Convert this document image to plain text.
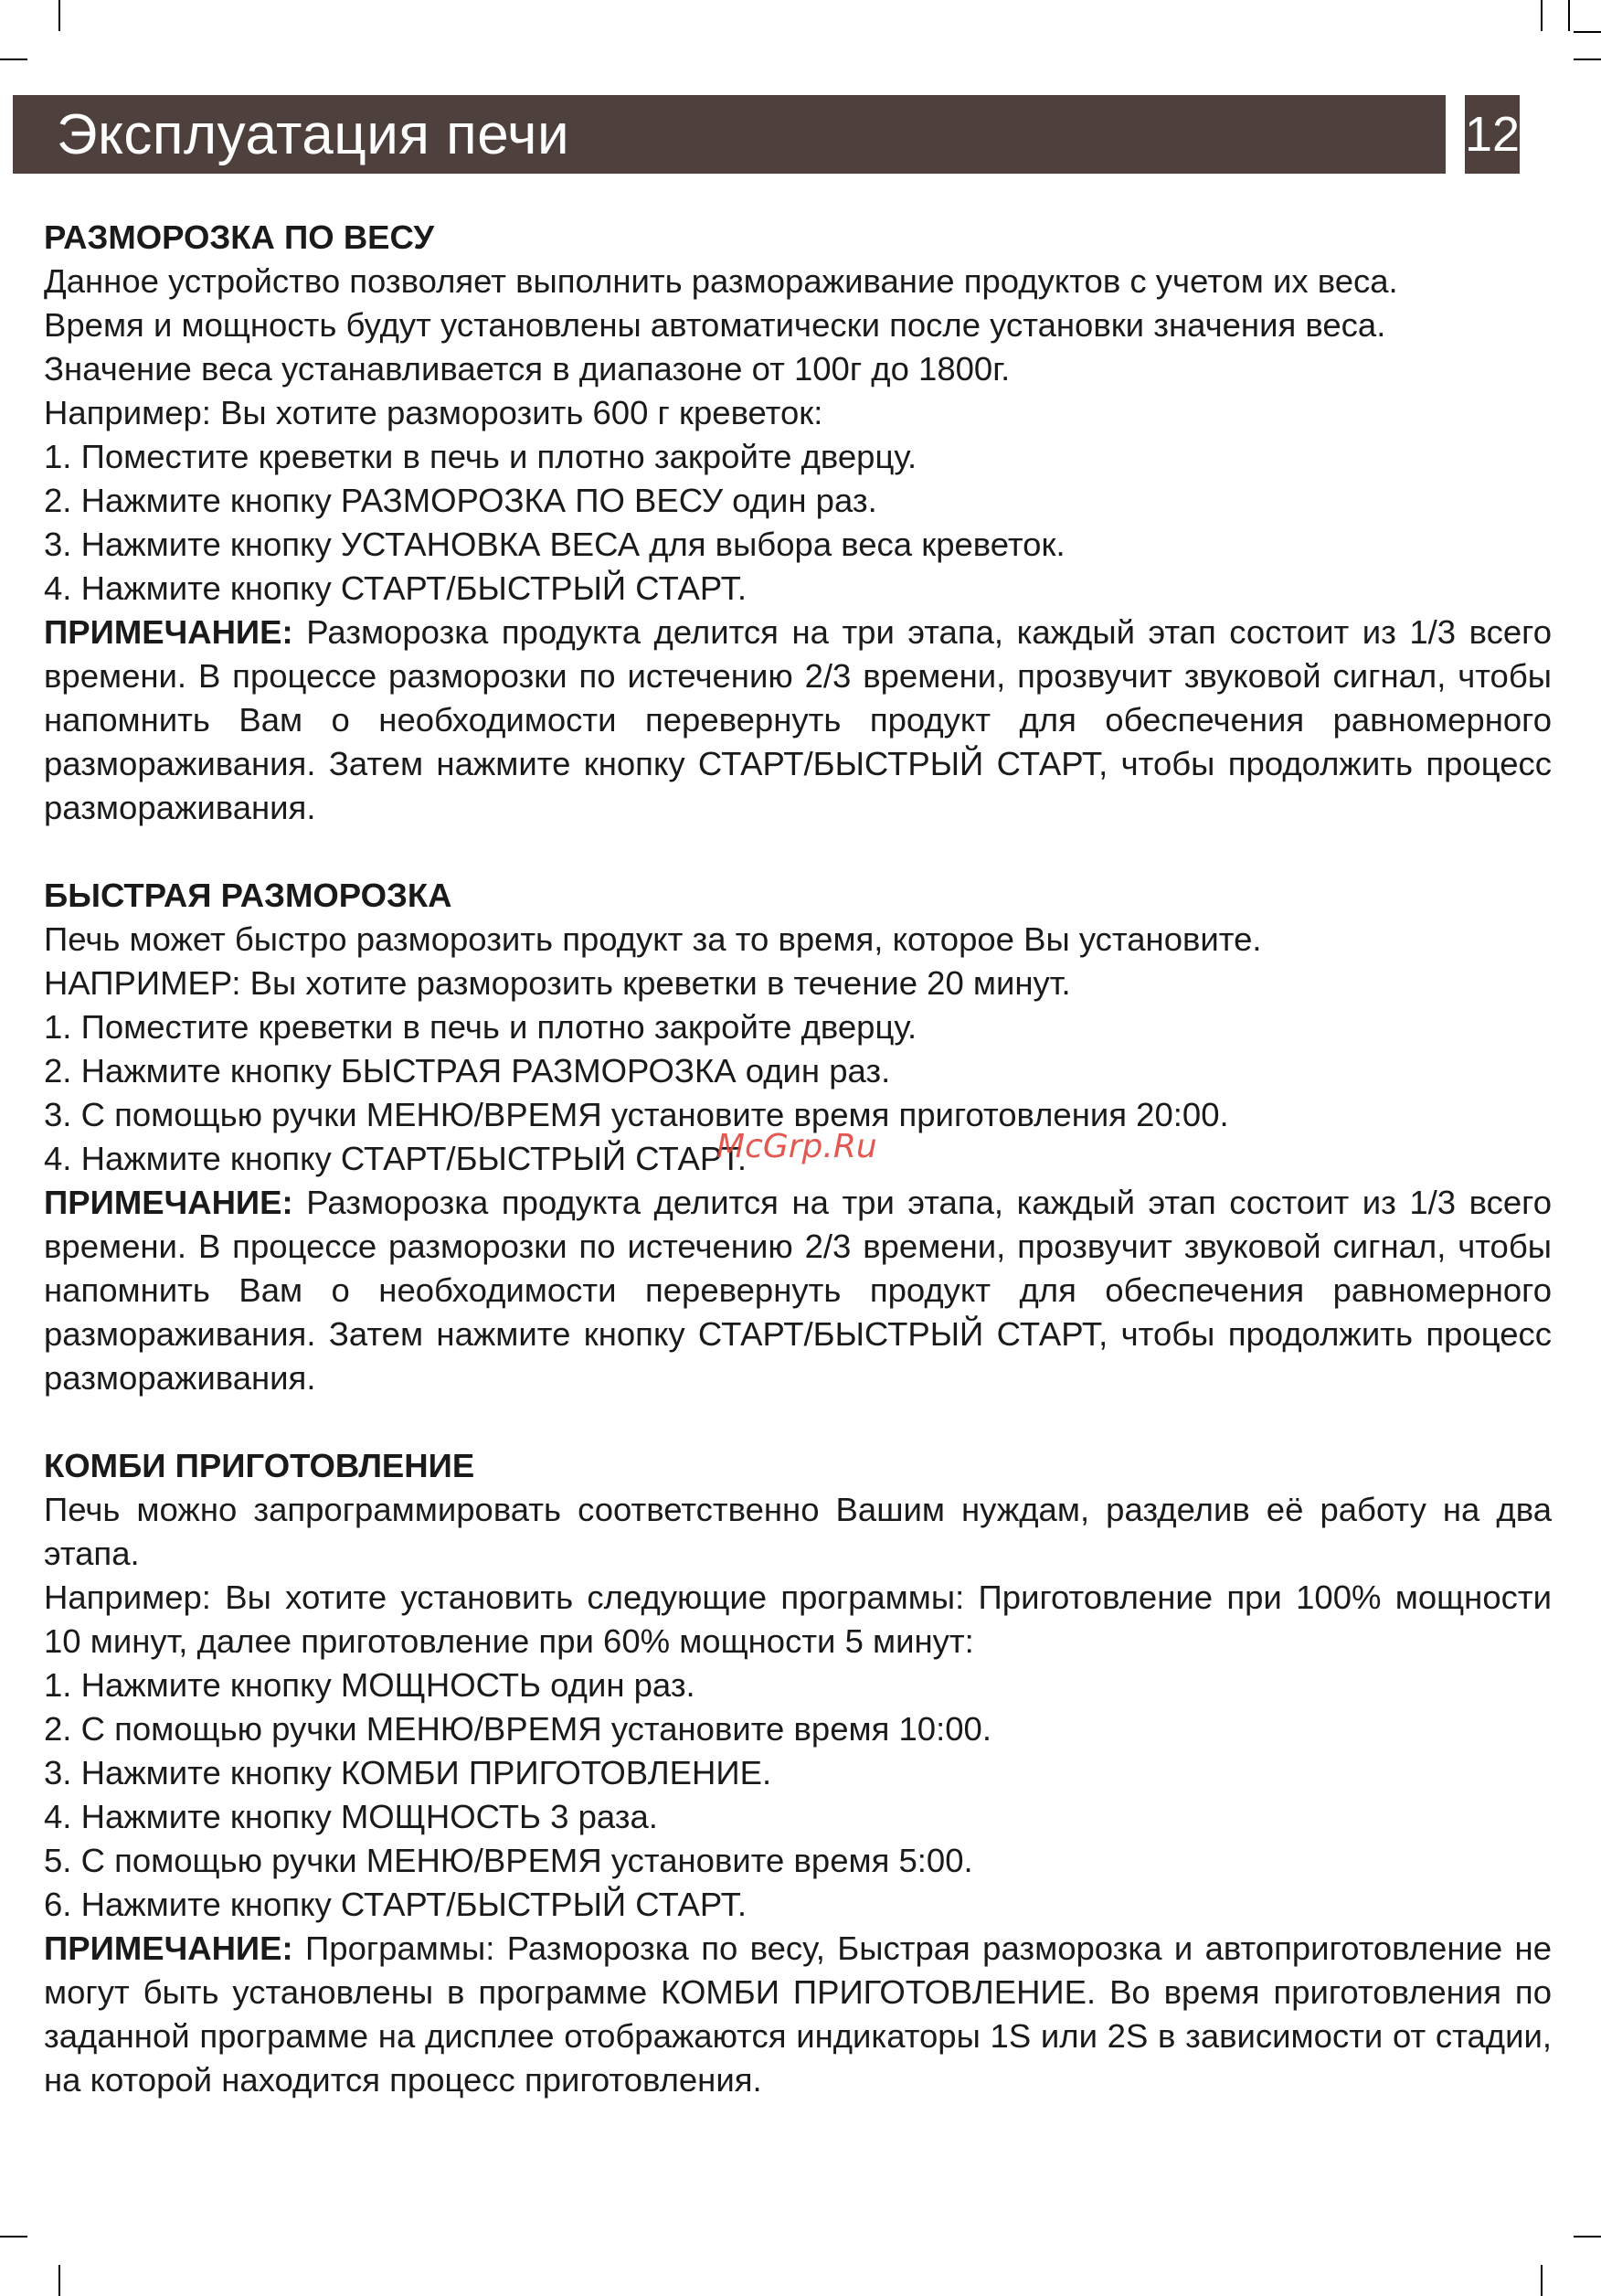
Эксплуатация печи	12
РАЗМОРОЗКА ПО ВЕСУ

Данное устройство позволяет выполнить размораживание продуктов с учетом их веса.

Время и мощность будут установлены автоматически после установки значения веса.

Значение веса устанавливается в диапазоне от 100г до 1800г.

Например: Вы хотите разморозить 600 г креветок:

1. Поместите креветки в печь и плотно закройте дверцу.
2. Нажмите кнопку РАЗМОРОЗКА ПО ВЕСУ один раз.
3. Нажмите кнопку УСТАНОВКА ВЕСА для выбора веса креветок.
4. Нажмите кнопку СТАРТ/БЫСТРЫЙ СТАРТ.

ПРИМЕЧАНИЕ: Разморозка продукта делится на три этапа, каждый этап состоит из 1/3 всего времени. В процессе разморозки по истечению 2/3 времени, прозвучит звуковой сигнал, чтобы напомнить Вам о необходимости перевернуть продукт для обеспечения равномерного размораживания. Затем нажмите кнопку СТАРТ/БЫСТРЫЙ СТАРТ, чтобы продолжить процесс размораживания.

БЫСТРАЯ РАЗМОРОЗКА

Печь может быстро разморозить продукт за то время, которое Вы установите.

НАПРИМЕР: Вы хотите разморозить креветки в течение 20 минут.

1. Поместите креветки в печь и плотно закройте дверцу.
2. Нажмите кнопку БЫСТРАЯ РАЗМОРОЗКА один раз.
3. С помощью ручки МЕНЮ/ВРЕМЯ установите время приготовления 20:00.
4. Нажмите кнопку СТАРТ/БЫСТРЫЙ СТАРТ.

ПРИМЕЧАНИЕ: Разморозка продукта делится на три этапа, каждый этап состоит из 1/3 всего времени. В процессе разморозки по истечению 2/3 времени, прозвучит звуковой сигнал, чтобы напомнить Вам о необходимости перевернуть продукт для обеспечения равномерного размораживания. Затем нажмите кнопку СТАРТ/БЫСТРЫЙ СТАРТ, чтобы продолжить процесс размораживания.

КОМБИ ПРИГОТОВЛЕНИЕ

Печь можно запрограммировать соответственно Вашим нуждам, разделив её работу на два этапа.

Например: Вы хотите установить следующие программы: Приготовление при 100% мощности 10 минут, далее приготовление при 60% мощности 5 минут:

1. Нажмите кнопку МОЩНОСТЬ один раз.
2. С помощью ручки МЕНЮ/ВРЕМЯ установите время 10:00.
3. Нажмите кнопку КОМБИ ПРИГОТОВЛЕНИЕ.
4. Нажмите кнопку МОЩНОСТЬ 3 раза.
5. С помощью ручки МЕНЮ/ВРЕМЯ установите время 5:00.
6. Нажмите кнопку СТАРТ/БЫСТРЫЙ СТАРТ.

ПРИМЕЧАНИЕ: Программы: Разморозка по весу, Быстрая разморозка и автоприготовление не могут быть установлены в программе КОМБИ ПРИГОТОВЛЕНИЕ. Во время приготовления по заданной программе на дисплее отображаются индикаторы 1S или 2S в зависимости от стадии, на которой находится процесс приготовления.

McGrp.Ru
